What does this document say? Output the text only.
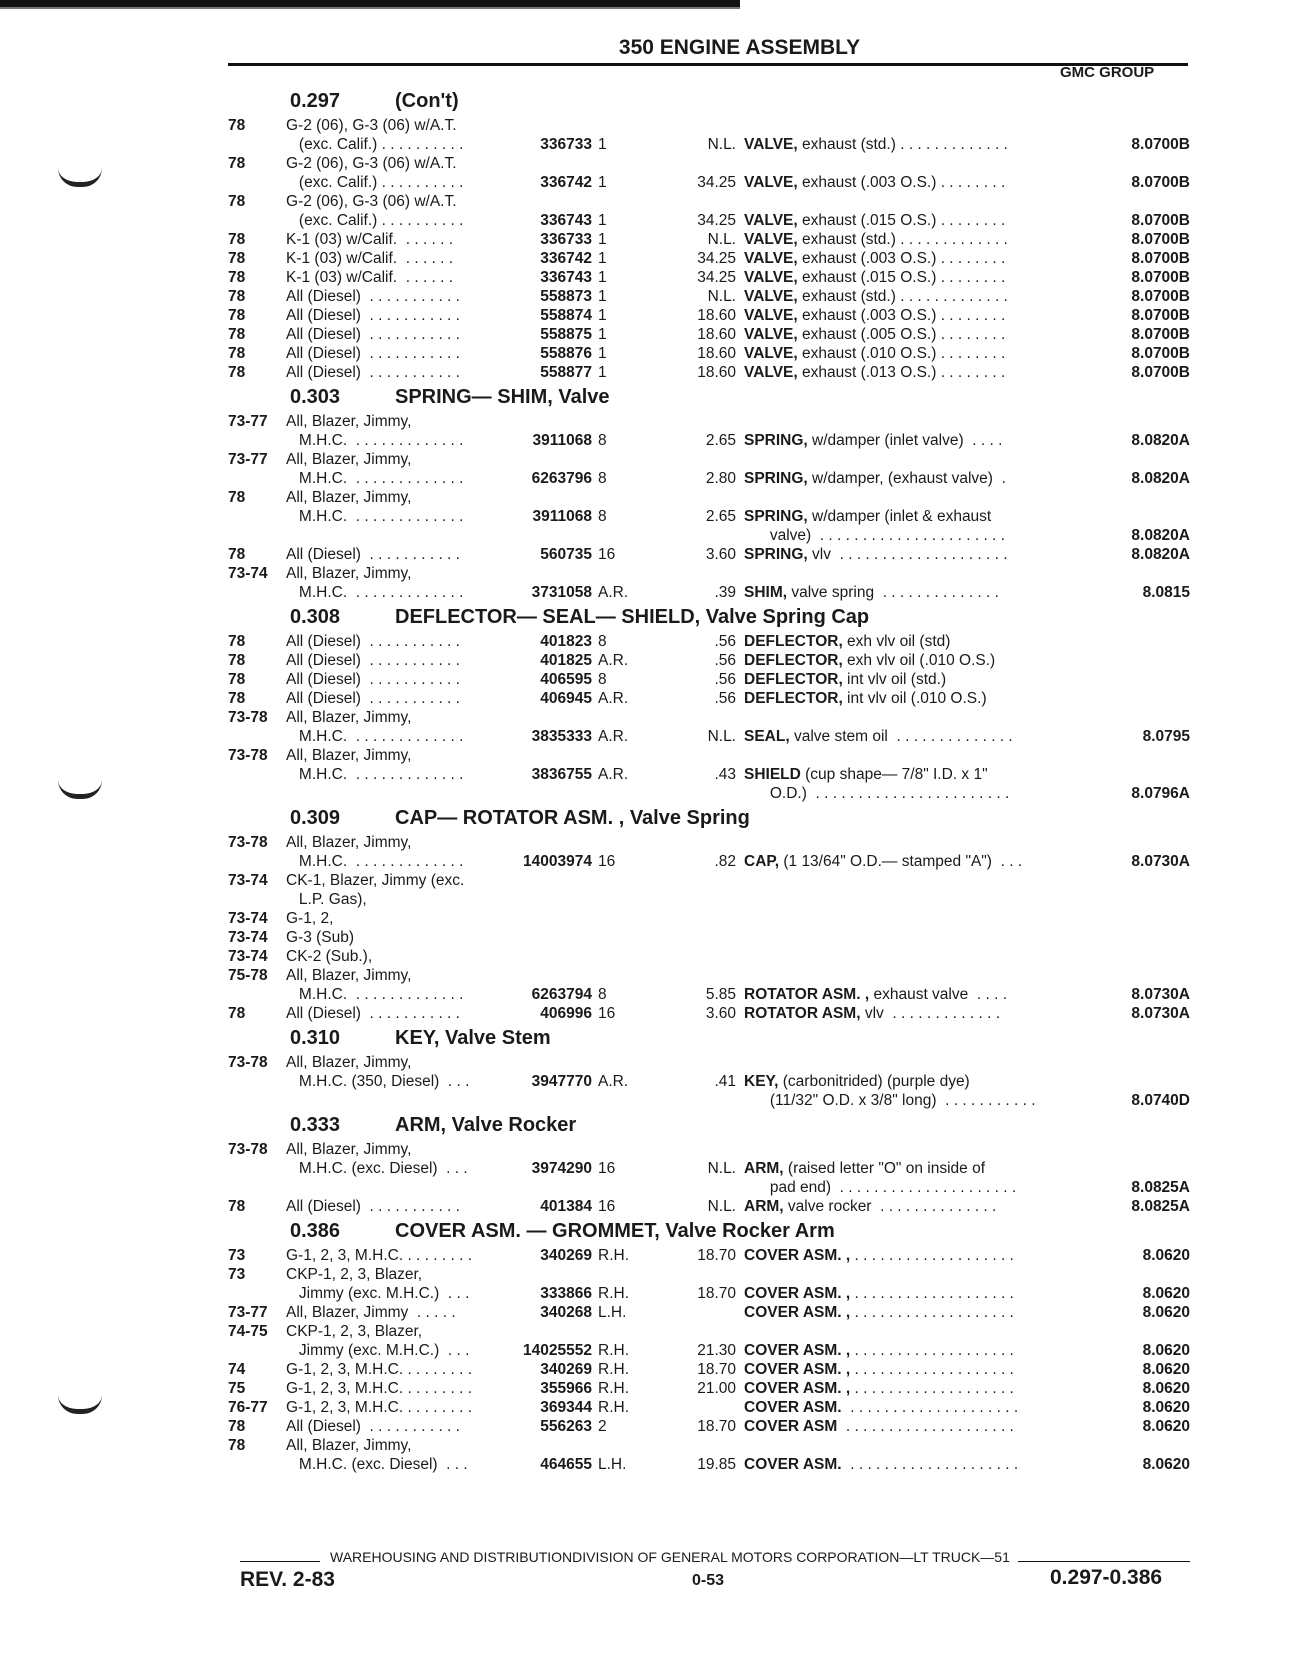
350 ENGINE ASSEMBLY
GMC GROUP
0.297	(Con't)
78	G-2 (06), G-3 (06) w/A.T.
(exc. Calif.) . . . . . . . . . .	336733 1	N.L. VALVE, exhaust (std.) . . . . . . . . . . . . .	8.0700B
78	G-2 (06), G-3 (06) w/A.T.
(exc. Calif.) . . . . . . . . . .	336742 1	34.25 VALVE, exhaust (.003 O.S.) . . . . . . . .	8.0700B
78	G-2 (06), G-3 (06) w/A.T.
(exc. Calif.) . . . . . . . . . .	336743 1	34.25 VALVE, exhaust (.015 O.S.) . . . . . . . .	8.0700B
78	K-1 (03) w/Calif.  . . . . . .	336733 1	N.L. VALVE, exhaust (std.) . . . . . . . . . . . . .	8.0700B
78	K-1 (03) w/Calif.  . . . . . .	336742 1	34.25 VALVE, exhaust (.003 O.S.) . . . . . . . .	8.0700B
78	K-1 (03) w/Calif.  . . . . . .	336743 1	34.25 VALVE, exhaust (.015 O.S.) . . . . . . . .	8.0700B
78	All (Diesel)  . . . . . . . . . . .	558873 1	N.L. VALVE, exhaust (std.) . . . . . . . . . . . . .	8.0700B
78	All (Diesel)  . . . . . . . . . . .	558874 1	18.60 VALVE, exhaust (.003 O.S.) . . . . . . . .	8.0700B
78	All (Diesel)  . . . . . . . . . . .	558875 1	18.60 VALVE, exhaust (.005 O.S.) . . . . . . . .	8.0700B
78	All (Diesel)  . . . . . . . . . . .	558876 1	18.60 VALVE, exhaust (.010 O.S.) . . . . . . . .	8.0700B
78	All (Diesel)  . . . . . . . . . . .	558877 1	18.60 VALVE, exhaust (.013 O.S.) . . . . . . . .	8.0700B
0.303	SPRING— SHIM, Valve
73-77	All, Blazer, Jimmy,
M.H.C.  . . . . . . . . . . . . .	3911068 8	2.65 SPRING, w/damper (inlet valve)  . . . .	8.0820A
73-77	All, Blazer, Jimmy,
M.H.C.  . . . . . . . . . . . . .	6263796 8	2.80 SPRING, w/damper, (exhaust valve)  .	8.0820A
78	All, Blazer, Jimmy,
M.H.C.  . . . . . . . . . . . . .	3911068 8	2.65 SPRING, w/damper (inlet & exhaust
valve)  . . . . . . . . . . . . . . . . . . . . . .	8.0820A
78	All (Diesel)  . . . . . . . . . . .	560735 16	3.60 SPRING, vlv  . . . . . . . . . . . . . . . . . . . .	8.0820A
73-74	All, Blazer, Jimmy,
M.H.C.  . . . . . . . . . . . . .	3731058 A.R.	.39 SHIM, valve spring  . . . . . . . . . . . . . .	8.0815
0.308	DEFLECTOR— SEAL— SHIELD, Valve Spring Cap
78	All (Diesel)  . . . . . . . . . . .	401823 8	.56 DEFLECTOR, exh vlv oil (std)
78	All (Diesel)  . . . . . . . . . . .	401825 A.R.	.56 DEFLECTOR, exh vlv oil (.010 O.S.)
78	All (Diesel)  . . . . . . . . . . .	406595 8	.56 DEFLECTOR, int vlv oil (std.)
78	All (Diesel)  . . . . . . . . . . .	406945 A.R.	.56 DEFLECTOR, int vlv oil (.010 O.S.)
73-78	All, Blazer, Jimmy,
M.H.C.  . . . . . . . . . . . . .	3835333 A.R.	N.L. SEAL, valve stem oil  . . . . . . . . . . . . . .	8.0795
73-78	All, Blazer, Jimmy,
M.H.C.  . . . . . . . . . . . . .	3836755 A.R.	.43 SHIELD (cup shape— 7/8" I.D. x 1"
O.D.)  . . . . . . . . . . . . . . . . . . . . . . .	8.0796A
0.309	CAP— ROTATOR ASM. , Valve Spring
73-78	All, Blazer, Jimmy,
M.H.C.  . . . . . . . . . . . . .	14003974 16	.82 CAP, (1 13/64" O.D.— stamped "A")  . . .	8.0730A
73-74	CK-1, Blazer, Jimmy (exc.
L.P. Gas),
73-74	G-1, 2,
73-74	G-3 (Sub)
73-74	CK-2 (Sub.),
75-78	All, Blazer, Jimmy,
M.H.C.  . . . . . . . . . . . . .	6263794 8	5.85 ROTATOR ASM. , exhaust valve  . . . .	8.0730A
78	All (Diesel)  . . . . . . . . . . .	406996 16	3.60 ROTATOR ASM, vlv  . . . . . . . . . . . . .	8.0730A
0.310	KEY, Valve Stem
73-78	All, Blazer, Jimmy,
M.H.C. (350, Diesel)  . . .	3947770 A.R.	.41 KEY, (carbonitrided) (purple dye)
(11/32" O.D. x 3/8" long)  . . . . . . . . . . .	8.0740D
0.333	ARM, Valve Rocker
73-78	All, Blazer, Jimmy,
M.H.C. (exc. Diesel)  . . .	3974290 16	N.L. ARM, (raised letter "O" on inside of
pad end)  . . . . . . . . . . . . . . . . . . . . .	8.0825A
78	All (Diesel)  . . . . . . . . . . .	401384 16	N.L. ARM, valve rocker  . . . . . . . . . . . . . .	8.0825A
0.386	COVER ASM. — GROMMET, Valve Rocker Arm
73	G-1, 2, 3, M.H.C. . . . . . . . .	340269 R.H.	18.70 COVER ASM. , . . . . . . . . . . . . . . . . . . .	8.0620
73	CKP-1, 2, 3, Blazer,
Jimmy (exc. M.H.C.)  . . .	333866 R.H.	18.70 COVER ASM. , . . . . . . . . . . . . . . . . . . .	8.0620
73-77	All, Blazer, Jimmy  . . . . .	340268 L.H.	COVER ASM. , . . . . . . . . . . . . . . . . . . .	8.0620
74-75	CKP-1, 2, 3, Blazer,
Jimmy (exc. M.H.C.)  . . .	14025552 R.H.	21.30 COVER ASM. , . . . . . . . . . . . . . . . . . . .	8.0620
74	G-1, 2, 3, M.H.C. . . . . . . . .	340269 R.H.	18.70 COVER ASM. , . . . . . . . . . . . . . . . . . . .	8.0620
75	G-1, 2, 3, M.H.C. . . . . . . . .	355966 R.H.	21.00 COVER ASM. , . . . . . . . . . . . . . . . . . . .	8.0620
76-77	G-1, 2, 3, M.H.C. . . . . . . . .	369344 R.H.	COVER ASM.  . . . . . . . . . . . . . . . . . . . .	8.0620
78	All (Diesel)  . . . . . . . . . . .	556263 2	18.70 COVER ASM  . . . . . . . . . . . . . . . . . . . .	8.0620
78	All, Blazer, Jimmy,
M.H.C. (exc. Diesel)  . . .	464655 L.H.	19.85 COVER ASM.  . . . . . . . . . . . . . . . . . . . .	8.0620
WAREHOUSING AND DISTRIBUTIONDIVISION OF GENERAL MOTORS CORPORATION—LT TRUCK—51
REV. 2-83	0-53	0.297-0.386
